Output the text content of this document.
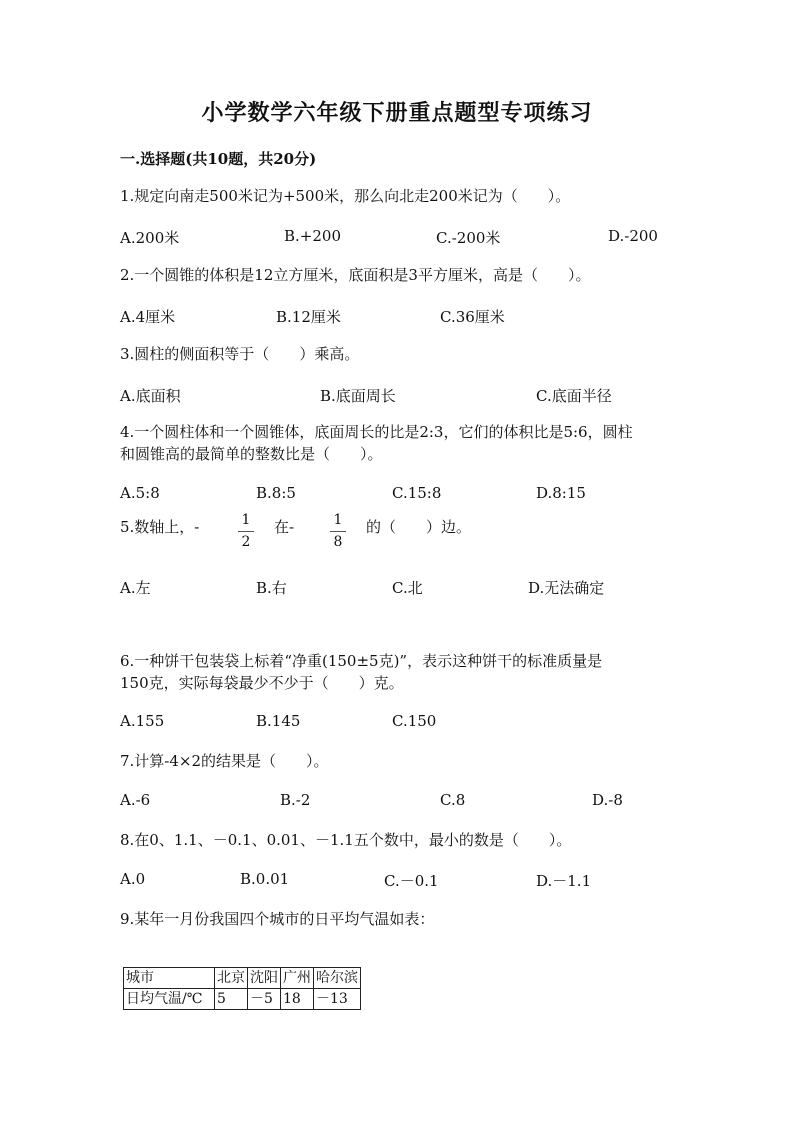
小学数学六年级下册重点题型专项练习
一.选择题(共10题，共20分)
1.规定向南走500米记为+500米，那么向北走200米记为（　　）。
A.200米	B.+200	C.-200米	D.-200
2.一个圆锥的体积是12立方厘米，底面积是3平方厘米，高是（　　）。
A.4厘米	B.12厘米	C.36厘米
3.圆柱的侧面积等于（　　）乘高。
A.底面积	B.底面周长	C.底面半径
4.一个圆柱体和一个圆锥体，底面周长的比是2:3，它们的体积比是5:6，圆柱
和圆锥高的最简单的整数比是（　　）。
A.5:8	B.8:5	C.15:8	D.8:15
5.数轴上，-	1
2
在-	1
8
的（　　）边。
A.左	B.右	C.北	D.无法确定
6.一种饼干包装袋上标着“净重(150±5克)”，表示这种饼干的标准质量是
150克，实际每袋最少不少于（　　）克。
A.155	B.145	C.150
7.计算-4×2的结果是（　　）。
A.-6	B.-2	C.8	D.-8
8.在0、1.1、－0.1、0.01、－1.1五个数中，最小的数是（　　）。
A.0	B.0.01	C.－0.1	D.－1.1
9.某年一月份我国四个城市的日平均气温如表：
城市	北京	沈阳	广州	哈尔滨
日均气温/℃	5	－5	18	－13
